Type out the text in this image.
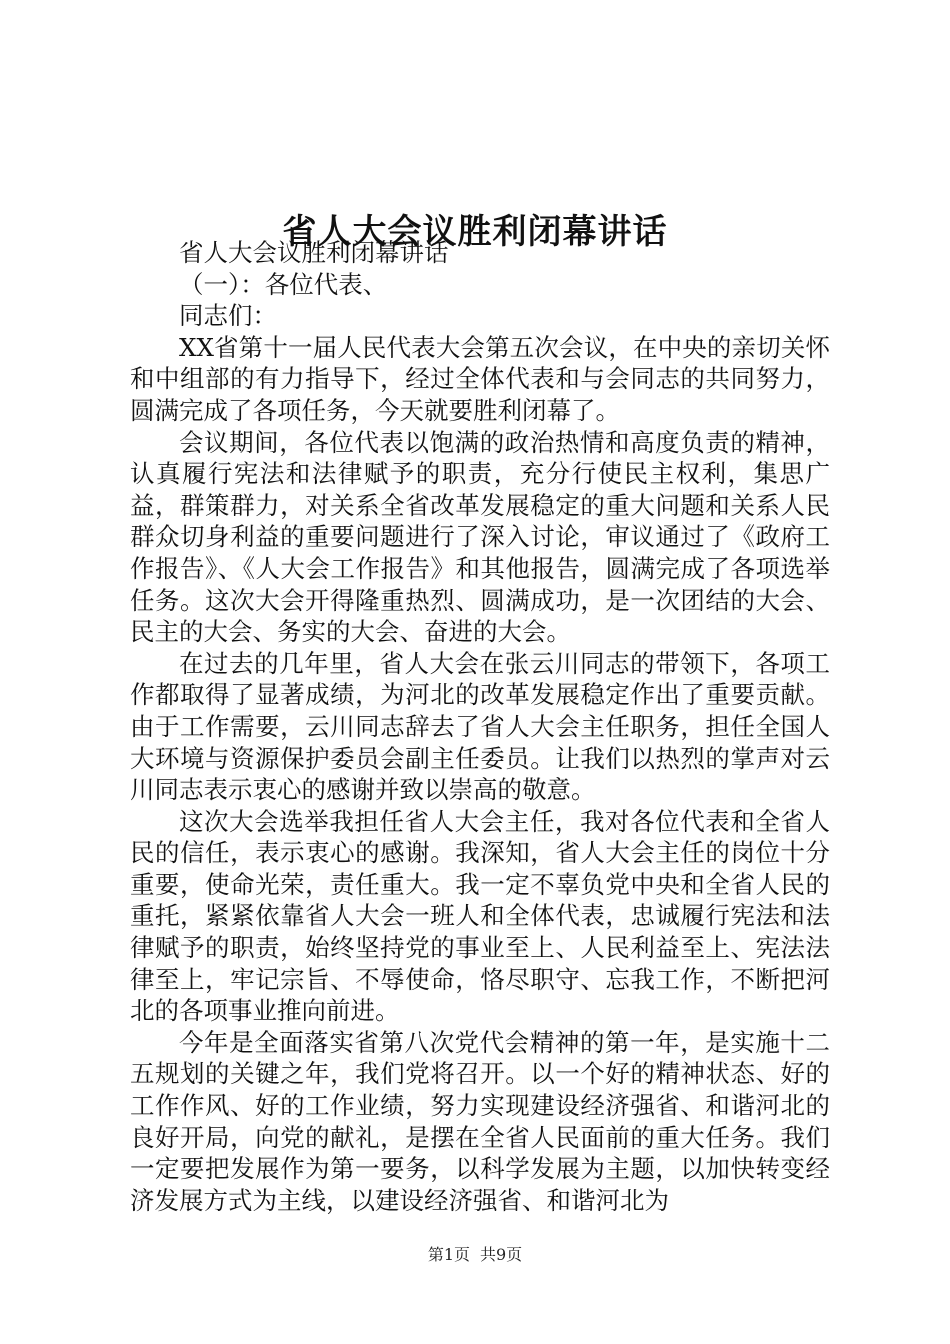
省人大会议胜利闭幕讲话

省人大会议胜利闭幕讲话

（一）：各位代表、

同志们：

XX省第十一届人民代表大会第五次会议，在中央的亲切关怀和中组部的有力指导下，经过全体代表和与会同志的共同努力，圆满完成了各项任务，今天就要胜利闭幕了。

会议期间，各位代表以饱满的政治热情和高度负责的精神，认真履行宪法和法律赋予的职责，充分行使民主权利，集思广益，群策群力，对关系全省改革发展稳定的重大问题和关系人民群众切身利益的重要问题进行了深入讨论，审议通过了《政府工作报告》、《人大会工作报告》和其他报告，圆满完成了各项选举任务。这次大会开得隆重热烈、圆满成功，是一次团结的大会、民主的大会、务实的大会、奋进的大会。

在过去的几年里，省人大会在张云川同志的带领下，各项工作都取得了显著成绩，为河北的改革发展稳定作出了重要贡献。由于工作需要，云川同志辞去了省人大会主任职务，担任全国人大环境与资源保护委员会副主任委员。让我们以热烈的掌声对云川同志表示衷心的感谢并致以崇高的敬意。

这次大会选举我担任省人大会主任，我对各位代表和全省人民的信任，表示衷心的感谢。我深知，省人大会主任的岗位十分重要，使命光荣，责任重大。我一定不辜负党中央和全省人民的重托，紧紧依靠省人大会一班人和全体代表，忠诚履行宪法和法律赋予的职责，始终坚持党的事业至上、人民利益至上、宪法法律至上，牢记宗旨、不辱使命，恪尽职守、忘我工作，不断把河北的各项事业推向前进。

今年是全面落实省第八次党代会精神的第一年，是实施十二五规划的关键之年，我们党将召开。以一个好的精神状态、好的工作作风、好的工作业绩，努力实现建设经济强省、和谐河北的良好开局，向党的献礼，是摆在全省人民面前的重大任务。我们一定要把发展作为第一要务，以科学发展为主题，以加快转变经济发展方式为主线，以建设经济强省、和谐河北为

第1页 共9页
